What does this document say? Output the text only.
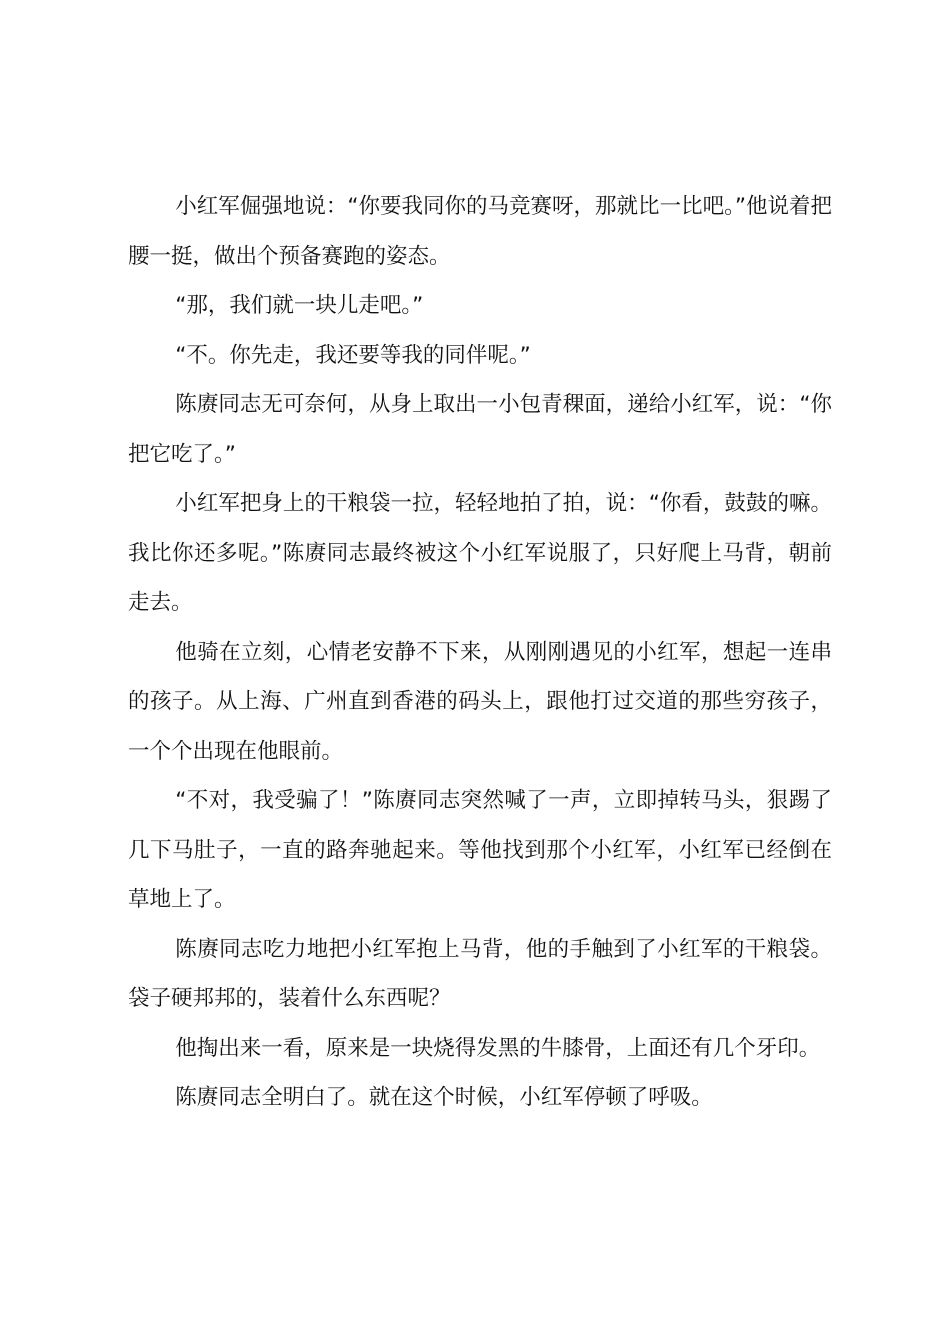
小红军倔强地说：“你要我同你的马竞赛呀，那就比一比吧。”他说着把腰一挺，做出个预备赛跑的姿态。

“那，我们就一块儿走吧。”

“不。你先走，我还要等我的同伴呢。”

陈赓同志无可奈何，从身上取出一小包青稞面，递给小红军，说：“你把它吃了。”

小红军把身上的干粮袋一拉，轻轻地拍了拍，说：“你看，鼓鼓的嘛。我比你还多呢。”陈赓同志最终被这个小红军说服了，只好爬上马背，朝前走去。

他骑在立刻，心情老安静不下来，从刚刚遇见的小红军，想起一连串的孩子。从上海、广州直到香港的码头上，跟他打过交道的那些穷孩子，一个个出现在他眼前。

“不对，我受骗了！”陈赓同志突然喊了一声，立即掉转马头，狠踢了几下马肚子，一直的路奔驰起来。等他找到那个小红军，小红军已经倒在草地上了。

陈赓同志吃力地把小红军抱上马背，他的手触到了小红军的干粮袋。袋子硬邦邦的，装着什么东西呢？

他掏出来一看，原来是一块烧得发黑的牛膝骨，上面还有几个牙印。

陈赓同志全明白了。就在这个时候，小红军停顿了呼吸。
